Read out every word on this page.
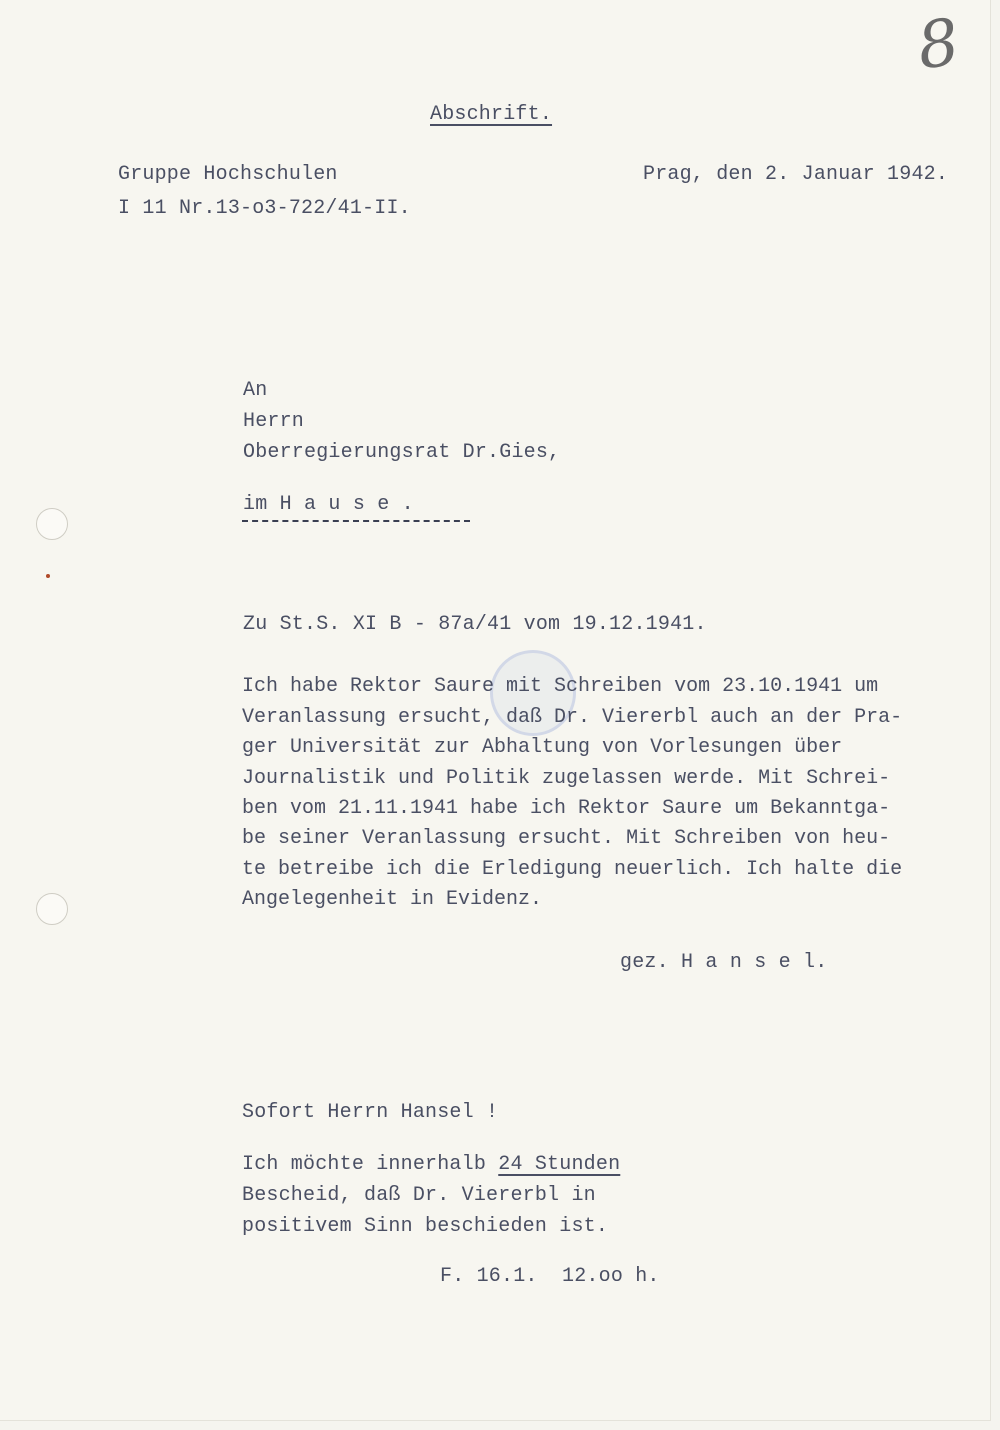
8
Abschrift.
Gruppe Hochschulen
I 11 Nr.13-o3-722/41-II.
Prag, den 2. Januar 1942.
An
Herrn
Oberregierungsrat Dr.Gies,
im H a u s e .
Zu St.S. XI B - 87a/41 vom 19.12.1941.
Ich habe Rektor Saure mit Schreiben vom 23.10.1941 um
Veranlassung ersucht, daß Dr. Viererbl auch an der Pra-
ger Universität zur Abhaltung von Vorlesungen über
Journalistik und Politik zugelassen werde. Mit Schrei-
ben vom 21.11.1941 habe ich Rektor Saure um Bekanntga-
be seiner Veranlassung ersucht. Mit Schreiben von heu-
te betreibe ich die Erledigung neuerlich. Ich halte die
Angelegenheit in Evidenz.
gez. H a n s e l.
Sofort Herrn Hansel !
Ich möchte innerhalb 24 Stunden
Bescheid, daß Dr. Viererbl in
positivem Sinn beschieden ist.
F. 16.1.  12.oo h.
